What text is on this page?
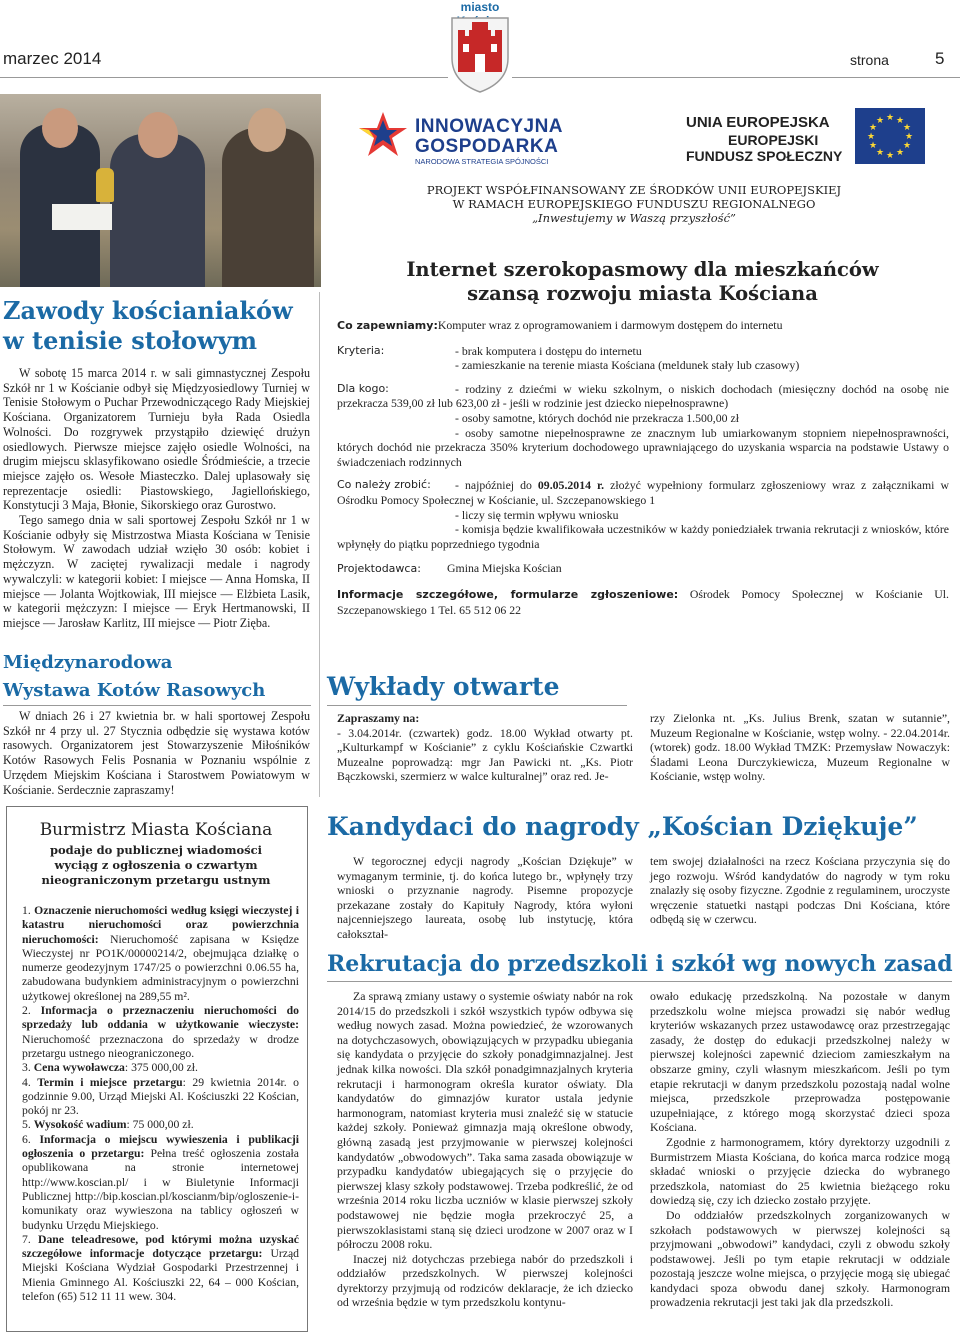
miasto
marzec 2014	strona	5
INNOWACYJNA
GOSPODARKA
NARODOWA STRATEGIA SPÓJNOŚCI
UNIA EUROPEJSKA
EUROPEJSKI
FUNDUSZ SPOŁECZNY
★ ★
★
★
★
★
★
★
★
★
★
★
PROJEKT WSPÓŁFINANSOWANY ZE ŚRODKÓW UNII EUROPEJSKIEJ
W RAMACH EUROPEJSKIEGO FUNDUSZU REGIONALNEGO
„Inwestujemy w Waszą przyszłość”
Zawody kościaniaków
w tenisie stołowym

W sobotę 15 marca 2014 r. w sali gimnastycznej Zespołu Szkół nr 1 w Kościanie odbył się Międzyosiedlowy Turniej w Tenisie Stołowym o Puchar Przewodniczącego Rady Miejskiej Kościana. Organizatorem Turnieju była Rada Osiedla Wolności. Do rozgrywek przystąpiło dziewięć drużyn osiedlowych. Pierwsze miejsce zajęło osiedle Wolności, na drugim miejscu sklasyfikowano osiedle Śródmieście, a trzecie miejsce zajęło os. Wesołe Miasteczko. Dalej uplasowały się reprezentacje osiedli: Piastowskiego, Jagiellońskiego, Konstytucji 3 Maja, Błonie, Sikorskiego oraz Gurostwo.

Tego samego dnia w sali sportowej Zespołu Szkół nr 1 w Kościanie odbyły się Mistrzostwa Miasta Kościana w Tenisie Stołowym. W zawodach udział wzięło 30 osób: kobiet i mężczyzn. W zaciętej rywalizacji medale i nagrody wywalczyli: w kategorii kobiet: I miejsce — Anna Homska, II miejsce — Jolanta Wojtkowiak, III miejsce — Elżbieta Lasik, w kategorii mężczyzn: I miejsce — Eryk Hertmanowski, II miejsce — Jarosław Karlitz, III miejsce — Piotr Zięba.

Międzynarodowa
Wystawa Kotów Rasowych

W dniach 26 i 27 kwietnia br. w hali sportowej Zespołu Szkół nr 4 przy ul. 27 Stycznia odbędzie się wystawa kotów rasowych. Organizatorem jest Stowarzyszenie Miłośników Kotów Rasowych Felis Posnania w Poznaniu wspólnie z Urzędem Miejskim Kościana i Starostwem Powiatowym w Kościanie. Serdecznie zapraszamy!

Burmistrz Miasta Kościana
podaje do publicznej wiadomości
wyciąg z ogłoszenia o czwartym
nieograniczonym przetargu ustnym

1. Oznaczenie nieruchomości według księgi wieczystej i katastru nieruchomości oraz powierzchnia nieruchomości: Nieruchomość zapisana w Księdze Wieczystej nr PO1K/00000214/2, obejmująca działkę o numerze geodezyjnym 1747/25 o powierzchni 0.06.55 ha, zabudowana budynkiem administracyjnym o powierzchni użytkowej określonej na 289,55 m².

2. Informacja o przeznaczeniu nieruchomości do sprzedaży lub oddania w użytkowanie wieczyste: Nieruchomość przeznaczona do sprzedaży w drodze przetargu ustnego nieograniczonego.

3. Cena wywoławcza: 375 000,00 zł.

4. Termin i miejsce przetargu: 29 kwietnia 2014r. o godzinnie 9.00, Urząd Miejski Al. Kościuszki 22 Kościan, pokój nr 23.

5. Wysokość wadium: 75 000,00 zł.

6. Informacja o miejscu wywieszenia i publikacji ogłoszenia o przetargu: Pełna treść ogłoszenia została opublikowana na stronie internetowej http://www.koscian.pl/ i w Biuletynie Informacji Publicznej http://bip.koscian.pl/koscianm/bip/ogloszenie-i-komunikaty oraz wywieszona na tablicy ogłoszeń w budynku Urzędu Miejskiego.

7. Dane teleadresowe, pod którymi można uzyskać szczegółowe informacje dotyczące przetargu: Urząd Miejski Kościana Wydział Gospodarki Przestrzennej i Mienia Gminnego Al. Kościuszki 22, 64 – 000 Kościan, telefon (65) 512 11 11 wew. 304.

Internet szerokopasmowy dla mieszkańców
szansą rozwoju miasta Kościana
Co zapewniamy:Komputer wraz z oprogramowaniem i darmowym dostępem do internetu
Kryteria:	- brak komputera i dostępu do internetu
- zamieszkanie na terenie miasta Kościana (meldunek stały lub czasowy)
Dla kogo:	- rodziny z dziećmi w wieku szkolnym, o niskich dochodach (miesięczny dochód na osobę nie przekracza 539,00 zł lub 623,00 zł - jeśli w rodzinie jest dziecko niepełnosprawne)

- osoby samotne, których dochód nie przekracza 1.500,00 zł

- osoby samotne niepełnosprawne ze znacznym lub umiarkowanym stopniem niepełnosprawności, których dochód nie przekracza 350% kryterium dochodowego uprawniającego do uzyskania wsparcia na podstawie Ustawy o świadczeniach rodzinnych

Co należy zrobić:	- najpóźniej do 09.05.2014 r. złożyć wypełniony formularz zgłoszeniowy wraz z załącznikami w Ośrodku Pomocy Społecznej w Kościanie, ul. Szczepanowskiego 1

- liczy się termin wpływu wniosku

- komisja będzie kwalifikowała uczestników w każdy poniedziałek trwania rekrutacji z wniosków, które wpłynęły do piątku poprzedniego tygodnia

Projektodawca: Gmina Miejska Kościan

Informacje szczegółowe, formularze zgłoszeniowe: Ośrodek Pomocy Społecznej w Kościanie Ul. Szczepanowskiego 1 Tel. 65 512 06 22

Wykłady otwarte
Zapraszamy na:

- 3.04.2014r. (czwartek) godz. 18.00 Wykład otwarty pt. „Kulturkampf w Kościanie” z cyklu Kościańskie Czwartki Muzealne poprowadzą: mgr Jan Pawicki nt. „Ks. Piotr Bączkowski, szermierz w walce kulturalnej” oraz red. Je-

rzy Zielonka nt. „Ks. Julius Brenk, szatan w sutannie”, Muzeum Regionalne w Kościanie, wstęp wolny. - 22.04.2014r. (wtorek) godz. 18.00 Wykład TMZK: Przemysław Nowaczyk: Śladami Leona Durczykiewicza, Muzeum Regionalne w Kościanie, wstęp wolny.

Kandydaci do nagrody „Kościan Dziękuje”

W tegorocznej edycji nagrody „Kościan Dziękuje” w wymaganym terminie, tj. do końca lutego br., wpłynęły trzy wnioski o przyznanie nagrody. Pisemne propozycje przekazane zostały do Kapituły Nagrody, która wyłoni najcenniejszego laureata, osobę lub instytucję, która całokształ-

tem swojej działalności na rzecz Kościana przyczynia się do jego rozwoju. Wśród kandydatów do nagrody w tym roku znalazły się osoby fizyczne. Zgodnie z regulaminem, uroczyste wręczenie statuetki nastąpi podczas Dni Kościana, które odbędą się w czerwcu.

Rekrutacja do przedszkoli i szkół wg nowych zasad

Za sprawą zmiany ustawy o systemie oświaty nabór na rok 2014/15 do przedszkoli i szkół wszystkich typów odbywa się według nowych zasad. Można powiedzieć, że wzorowanych na dotychczasowych, obowiązujących w przypadku ubiegania się kandydata o przyjęcie do szkoły ponadgimnazjalnej. Jest jednak kilka nowości. Dla szkół ponadgimnazjalnych kryteria rekrutacji i harmonogram określa kurator oświaty. Dla kandydatów do gimnazjów kurator ustala jedynie harmonogram, natomiast kryteria musi znaleźć się w statucie każdej szkoły. Ponieważ gimnazja mają określone obwody, główną zasadą jest przyjmowanie w pierwszej kolejności kandydatów „obwodowych”. Taka sama zasada obowiązuje w przypadku kandydatów ubiegających się o przyjęcie do pierwszej klasy szkoły podstawowej. Trzeba podkreślić, że od września 2014 roku liczba uczniów w klasie pierwszej szkoły podstawowej nie będzie mogła przekroczyć 25, a pierwszoklasistami staną się dzieci urodzone w 2007 oraz w I półroczu 2008 roku.

Inaczej niż dotychczas przebiega nabór do przedszkoli i oddziałów przedszkolnych. W pierwszej kolejności dyrektorzy przyjmują od rodziców deklaracje, że ich dziecko od września będzie w tym przedszkolu kontynu-

owało edukację przedszkolną. Na pozostałe w danym przedszkolu wolne miejsca prowadzi się nabór według kryteriów wskazanych przez ustawodawcę oraz przestrzegając zasady, że dostęp do edukacji przedszkolnej należy w pierwszej kolejności zapewnić dzieciom zamieszkałym na obszarze gminy, czyli własnym mieszkańcom. Jeśli po tym etapie rekrutacji w danym przedszkolu pozostają nadal wolne miejsca, przedszkole przeprowadza postępowanie uzupełniające, z którego mogą skorzystać dzieci spoza Kościana.

Zgodnie z harmonogramem, który dyrektorzy uzgodnili z Burmistrzem Miasta Kościana, do końca marca rodzice mogą składać wnioski o przyjęcie dziecka do wybranego przedszkola, natomiast do 25 kwietnia bieżącego roku dowiedzą się, czy ich dziecko zostało przyjęte.

Do oddziałów przedszkolnych zorganizowanych w szkołach podstawowych w pierwszej kolejności są przyjmowani „obwodowi” kandydaci, czyli z obwodu szkoły podstawowej. Jeśli po tym etapie rekrutacji w oddziale pozostają jeszcze wolne miejsca, o przyjęcie mogą się ubiegać kandydaci spoza obwodu danej szkoły. Harmonogram prowadzenia rekrutacji jest taki jak dla przedszkoli.
